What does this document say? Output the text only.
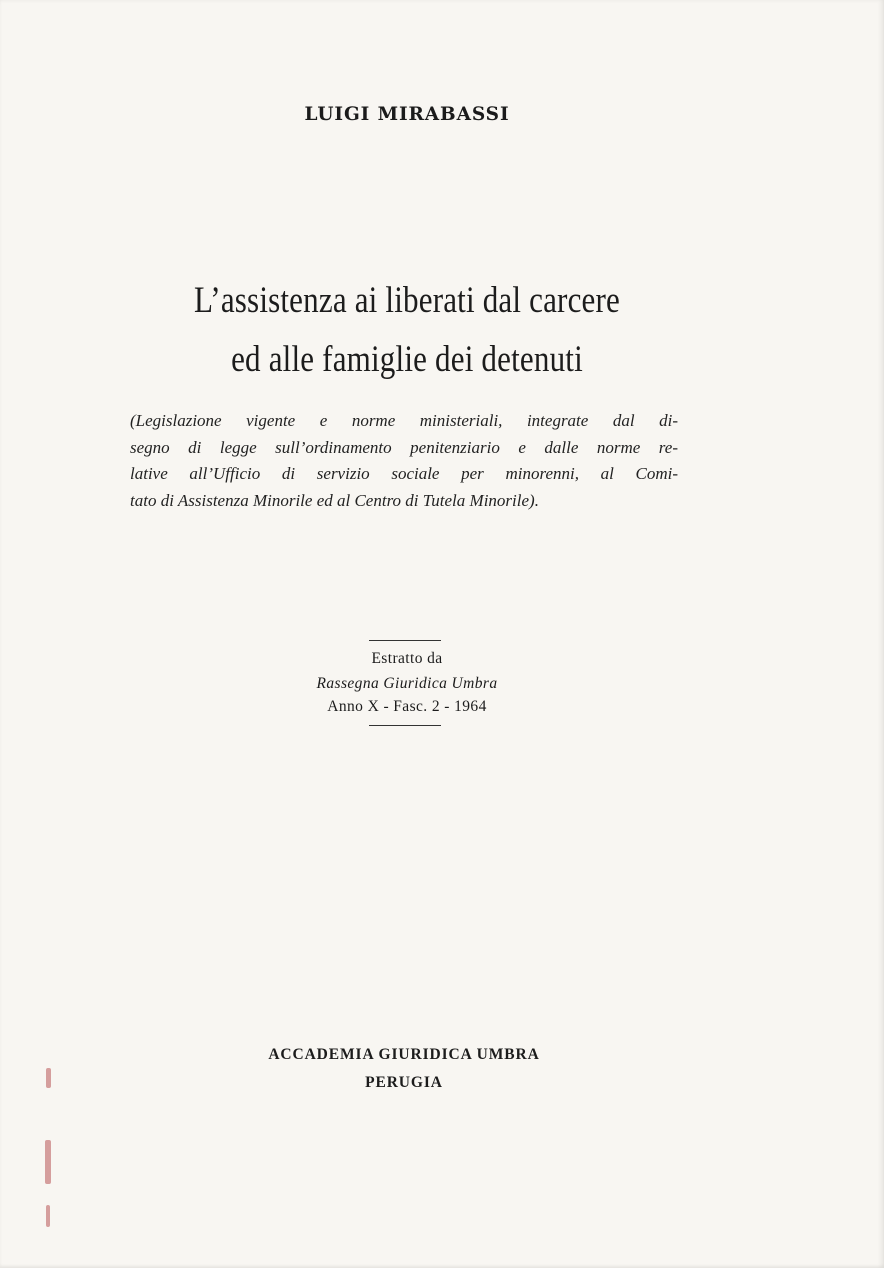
LUIGI MIRABASSI
L’assistenza ai liberati dal carcere
ed alle famiglie dei detenuti
(Legislazione vigente e norme ministeriali, integrate dal di-
segno di legge sull’ordinamento penitenziario e dalle norme re-
lative all’Ufficio di servizio sociale per minorenni, al Comi-
tato di Assistenza Minorile ed al Centro di Tutela Minorile).
Estratto da
Rassegna Giuridica Umbra
Anno X - Fasc. 2 - 1964
ACCADEMIA GIURIDICA UMBRA
PERUGIA
